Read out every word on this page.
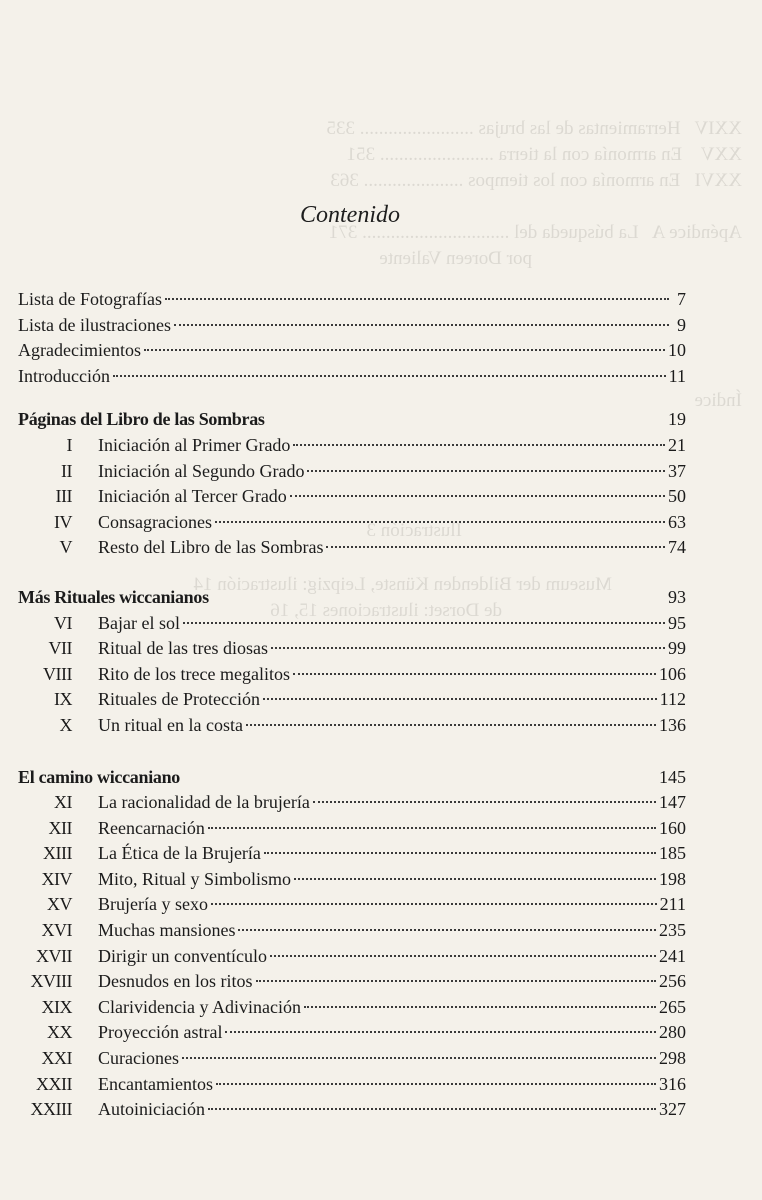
XXIV   Herramientas de las brujas ........................ 335
XXV    En armonía con la tierra ........................ 351
XXVI   En armonía con los tiempos ..................... 363
Apéndice A   La búsqueda del ............................... 371
por Doreen Valiente
Índice
Ilustración 3
Museum der Bildenden Künste, Leipzig: ilustración 14
de Dorset: ilustraciones 15, 16
Contenido
Lista de Fotografías	7
Lista de ilustraciones	9
Agradecimientos	10
Introducción	11
Páginas del Libro de las Sombras	19
I Iniciación al Primer Grado	21
II Iniciación al Segundo Grado	37
III Iniciación al Tercer Grado	50
IV Consagraciones	63
V Resto del Libro de las Sombras	74
Más Rituales wiccanianos	93
VI Bajar el sol	95
VII Ritual de las tres diosas	99
VIII Rito de los trece megalitos	106
IX Rituales de Protección	112
X Un ritual en la costa	136
El camino wiccaniano	145
XI La racionalidad de la brujería	147
XII Reencarnación	160
XIII La Ética de la Brujería	185
XIV Mito, Ritual y Simbolismo	198
XV Brujería y sexo	211
XVI Muchas mansiones	235
XVII Dirigir un conventículo	241
XVIII Desnudos en los ritos	256
XIX Clarividencia y Adivinación	265
XX Proyección astral	280
XXI Curaciones	298
XXII Encantamientos	316
XXIII Autoiniciación	327
